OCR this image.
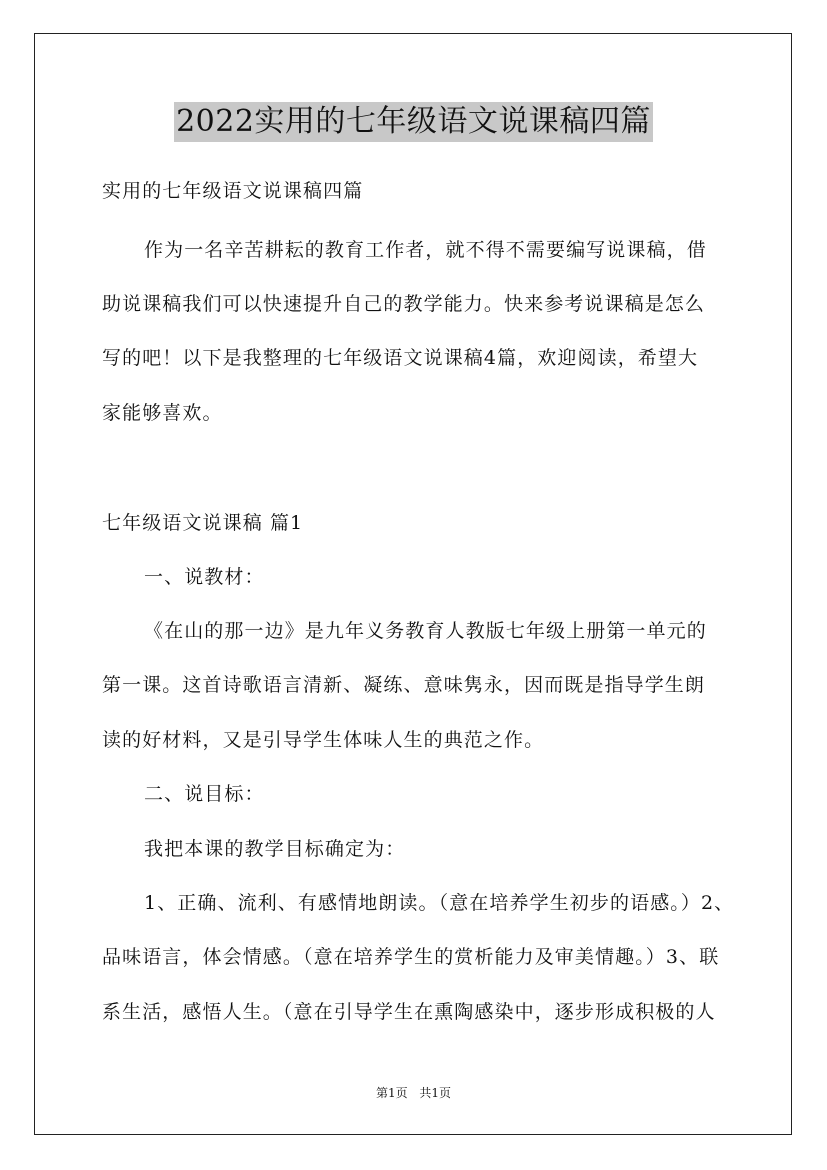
2022实用的七年级语文说课稿四篇
实用的七年级语文说课稿四篇
作为一名辛苦耕耘的教育工作者，就不得不需要编写说课稿，借
助说课稿我们可以快速提升自己的教学能力。快来参考说课稿是怎么
写的吧！以下是我整理的七年级语文说课稿4篇，欢迎阅读，希望大
家能够喜欢。
七年级语文说课稿 篇1
一、说教材：
《在山的那一边》是九年义务教育人教版七年级上册第一单元的
第一课。这首诗歌语言清新、凝练、意味隽永，因而既是指导学生朗
读的好材料，又是引导学生体味人生的典范之作。
二、说目标：
我把本课的教学目标确定为：
1、正确、流利、有感情地朗读。（意在培养学生初步的语感。）2、
品味语言，体会情感。（意在培养学生的赏析能力及审美情趣。）3、联
系生活，感悟人生。（意在引导学生在熏陶感染中，逐步形成积极的人
第1页 共1页
